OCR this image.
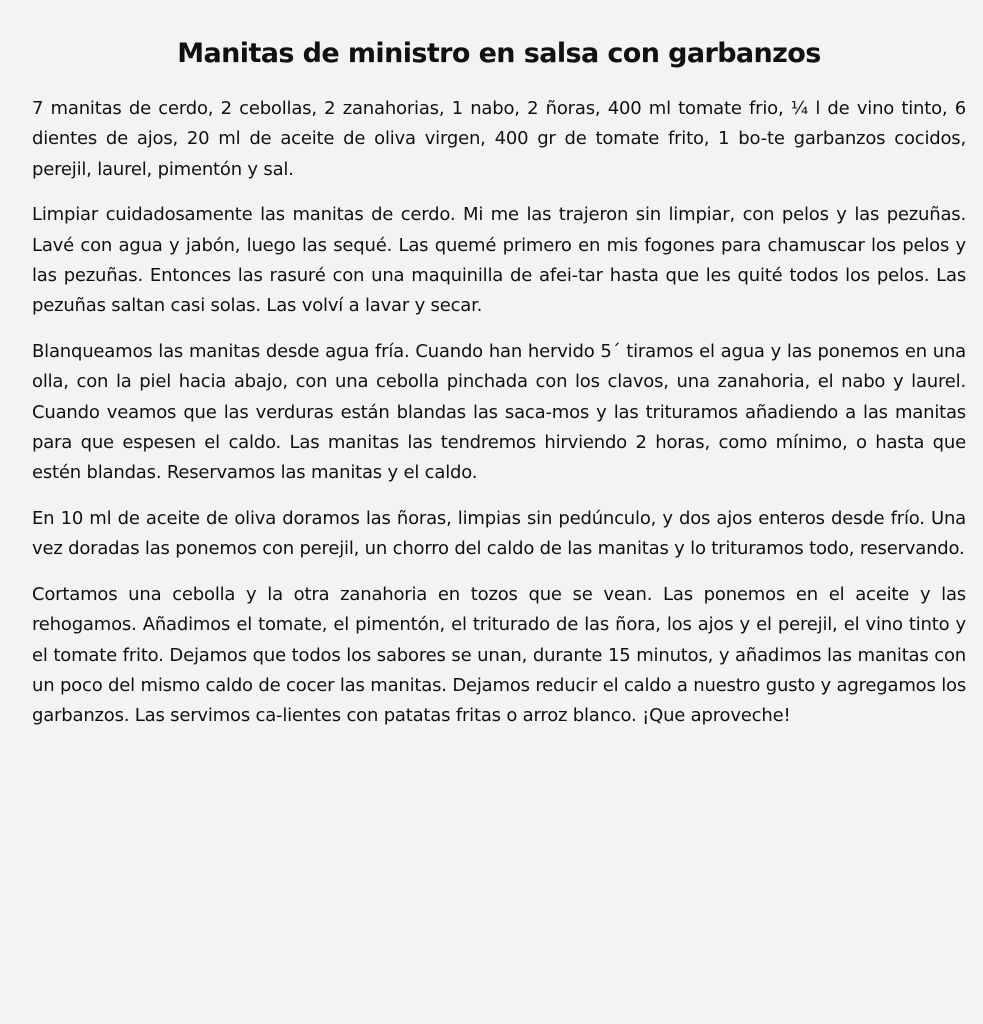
Manitas de ministro en salsa con garbanzos

7 manitas de cerdo, 2 cebollas, 2 zanahorias, 1 nabo, 2 ñoras, 400 ml tomate frio, ¼ l de vino tinto, 6 dientes de ajos, 20 ml de aceite de oliva virgen, 400 gr de tomate frito, 1 bo-te garbanzos cocidos, perejil, laurel, pimentón y sal.

Limpiar cuidadosamente las manitas de cerdo. Mi me las trajeron sin limpiar, con pelos y las pezuñas. Lavé con agua y jabón, luego las sequé. Las quemé primero en mis fogones para chamuscar los pelos y las pezuñas. Entonces las rasuré con una maquinilla de afei-tar hasta que les quité todos los pelos. Las pezuñas saltan casi solas. Las volví a lavar y secar.

Blanqueamos las manitas desde agua fría. Cuando han hervido 5´ tiramos el agua y las ponemos en una olla, con la piel hacia abajo, con una cebolla pinchada con los clavos, una zanahoria, el nabo y laurel. Cuando veamos que las verduras están blandas las saca-mos y las trituramos añadiendo a las manitas para que espesen el caldo. Las manitas las tendremos hirviendo 2 horas, como mínimo, o hasta que estén blandas. Reservamos las manitas y el caldo.

En 10 ml de aceite de oliva doramos las ñoras, limpias sin pedúnculo, y dos ajos enteros desde frío. Una vez doradas las ponemos con perejil, un chorro del caldo de las manitas y lo trituramos todo, reservando.

Cortamos una cebolla y la otra zanahoria en tozos que se vean. Las ponemos en el aceite y las rehogamos. Añadimos el tomate, el pimentón, el triturado de las ñora, los ajos y el perejil, el vino tinto y el tomate frito. Dejamos que todos los sabores se unan, durante 15 minutos, y añadimos las manitas con un poco del mismo caldo de cocer las manitas. Dejamos reducir el caldo a nuestro gusto y agregamos los garbanzos. Las servimos ca-lientes con patatas fritas o arroz blanco. ¡Que aproveche!
